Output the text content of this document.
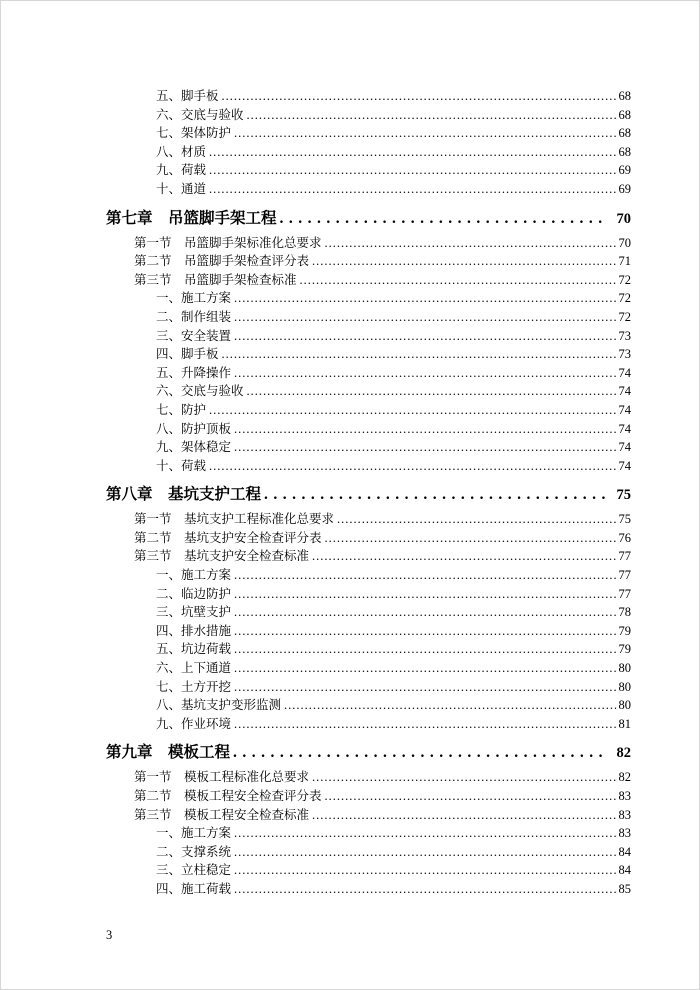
五、脚手板 .....	68
六、交底与验收 .....	68
七、架体防护 .....	68
八、材质 .....	68
九、荷载 .....	69
十、通道 .....	69
第七章　吊篮脚手架工程 .....	70
第一节　吊篮脚手架标准化总要求 .....	70
第二节　吊篮脚手架检查评分表 .....	71
第三节　吊篮脚手架检查标准 .....	72
一、施工方案 .....	72
二、制作组装 .....	72
三、安全装置 .....	73
四、脚手板 .....	73
五、升降操作 .....	74
六、交底与验收 .....	74
七、防护 .....	74
八、防护顶板 .....	74
九、架体稳定 .....	74
十、荷载 .....	74
第八章　基坑支护工程 .....	75
第一节　基坑支护工程标准化总要求 .....	75
第二节　基坑支护安全检查评分表 .....	76
第三节　基坑支护安全检查标准 .....	77
一、施工方案 .....	77
二、临边防护 .....	77
三、坑壁支护 .....	78
四、排水措施 .....	79
五、坑边荷载 .....	79
六、上下通道 .....	80
七、土方开挖 .....	80
八、基坑支护变形监测 .....	80
九、作业环境 .....	81
第九章　模板工程 .....	82
第一节　模板工程标准化总要求 .....	82
第二节　模板工程安全检查评分表 .....	83
第三节　模板工程安全检查标准 .....	83
一、施工方案 .....	83
二、支撑系统 .....	84
三、立柱稳定 .....	84
四、施工荷载 .....	85
3
